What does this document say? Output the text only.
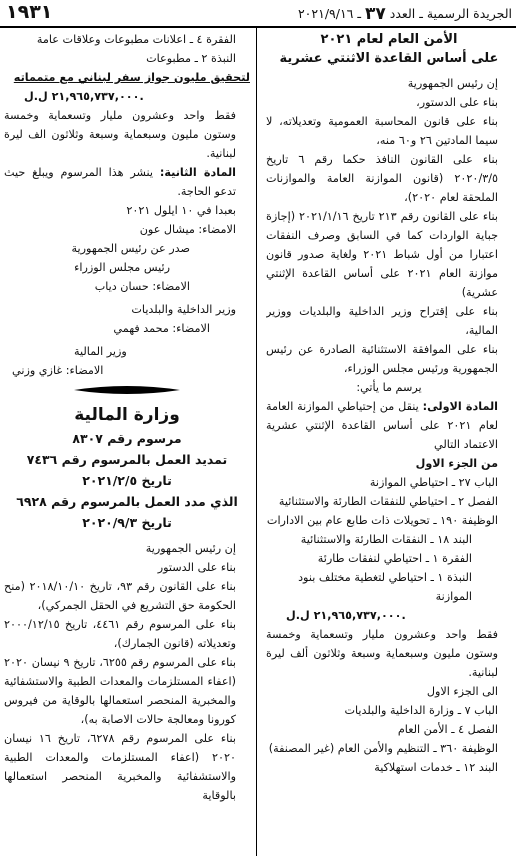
الجريدة الرسمية ـ العدد ٣٧ ـ ٢٠٢١/٩/١٦
١٩٣١

الأمن العام لعام ٢٠٢١

على أساس القاعدة الاثنتي عشرية

إن رئيس الجمهورية

بناء على الدستور،

بناء على قانون المحاسبة العمومية وتعديلاته، لا سيما المادتين ٢٦ و٦٠ منه،

بناء على القانون النافذ حكما رقم ٦ تاريخ ٢٠٢٠/٣/٥ (قانون الموازنة العامة والموازنات الملحقة لعام ٢٠٢٠)،

بناء على القانون رقم ٢١٣ تاريخ ٢٠٢١/١/١٦ (إجازة جباية الواردات كما في السابق وصرف النفقات اعتبارا من أول شباط ٢٠٢١ ولغاية صدور قانون موازنة العام ٢٠٢١ على أساس القاعدة الإثنتي عشرية)

بناء على إقتراح وزير الداخلية والبلديات ووزير المالية،

بناء على الموافقة الاستثنائية الصادرة عن رئيس الجمهورية ورئيس مجلس الوزراء،

يرسم ما يأتي:

المادة الاولى: ينقل من إحتياطي الموازنة العامة لعام ٢٠٢١ على أساس القاعدة الإثنتي عشرية الاعتماد التالي

من الجزء الاول

الباب ٢٧ ـ احتياطي الموازنة

الفصل ٢ ـ احتياطي للنفقات الطارئة والاستثنائية

الوظيفة ١٩٠ ـ تحويلات ذات طابع عام بين الادارات

البند ١٨ ـ النفقات الطارئة والاستثنائية

الفقرة ١ ـ احتياطي لنفقات طارئة

النبذة ١ ـ احتياطي لتغطية مختلف بنود الموازنة

٢١,٩٦٥,٧٣٧,٠٠٠ ل.ل.

فقط واحد وعشرون مليار وتسعماية وخمسة وستون مليون وسبعماية وسبعة وثلاثون ألف ليرة لبنانية.

الى الجزء الاول

الباب ٧ ـ وزارة الداخلية والبلديات

الفصل ٤ ـ الأمن العام

الوظيفة ٣٦٠ ـ التنظيم والأمن العام (غير المصنفة)

البند ١٢ ـ خدمات استهلاكية

الفقرة ٤ ـ اعلانات مطبوعات وعلاقات عامة

النبذة ٢ ـ مطبوعات

لتحقيق مليون جواز سفر لبناني مع متمماته

٢١,٩٦٥,٧٣٧,٠٠٠ ل.ل.

فقط واحد وعشرون مليار وتسعماية وخمسة وستون مليون وسبعماية وسبعة وثلاثون الف ليرة لبنانية.

المادة الثانية: ينشر هذا المرسوم ويبلغ حيث تدعو الحاجة.

بعبدا في ١٠ ايلول ٢٠٢١

الامضاء: ميشال عون

صدر عن رئيس الجمهورية

رئيس مجلس الوزراء

الامضاء: حسان دياب

وزير الداخلية والبلديات

الامضاء: محمد فهمي

وزير المالية

الامضاء: غازي وزني

وزارة المالية

مرسوم رقم ٨٣٠٧

تمديد العمل بالمرسوم رقم ٧٤٣٦

تاريخ ٢٠٢١/٢/٥

الذي مدد العمل بالمرسوم رقم ٦٩٢٨

تاريخ ٢٠٢٠/٩/٣

إن رئيس الجمهورية

بناء على الدستور

بناء على القانون رقم ٩٣، تاريخ ٢٠١٨/١٠/١٠ (منح الحكومة حق التشريع في الحقل الجمركي)،

بناء على المرسوم رقم ٤٤٦١، تاريخ ٢٠٠٠/١٢/١٥ وتعديلاته (قانون الجمارك)،

بناء على المرسوم رقم ٦٢٥٥، تاريخ ٩ نيسان ٢٠٢٠ (اعفاء المستلزمات والمعدات الطبية والاستشفائية والمخبرية المنحصر استعمالها بالوقاية من فيروس كورونا ومعالجة حالات الاصابة به)،

بناء على المرسوم رقم ٦٢٧٨، تاريخ ١٦ نيسان ٢٠٢٠ (اعفاء المستلزمات والمعدات الطبية والاستشفائية والمخبرية المنحصر استعمالها بالوقاية
